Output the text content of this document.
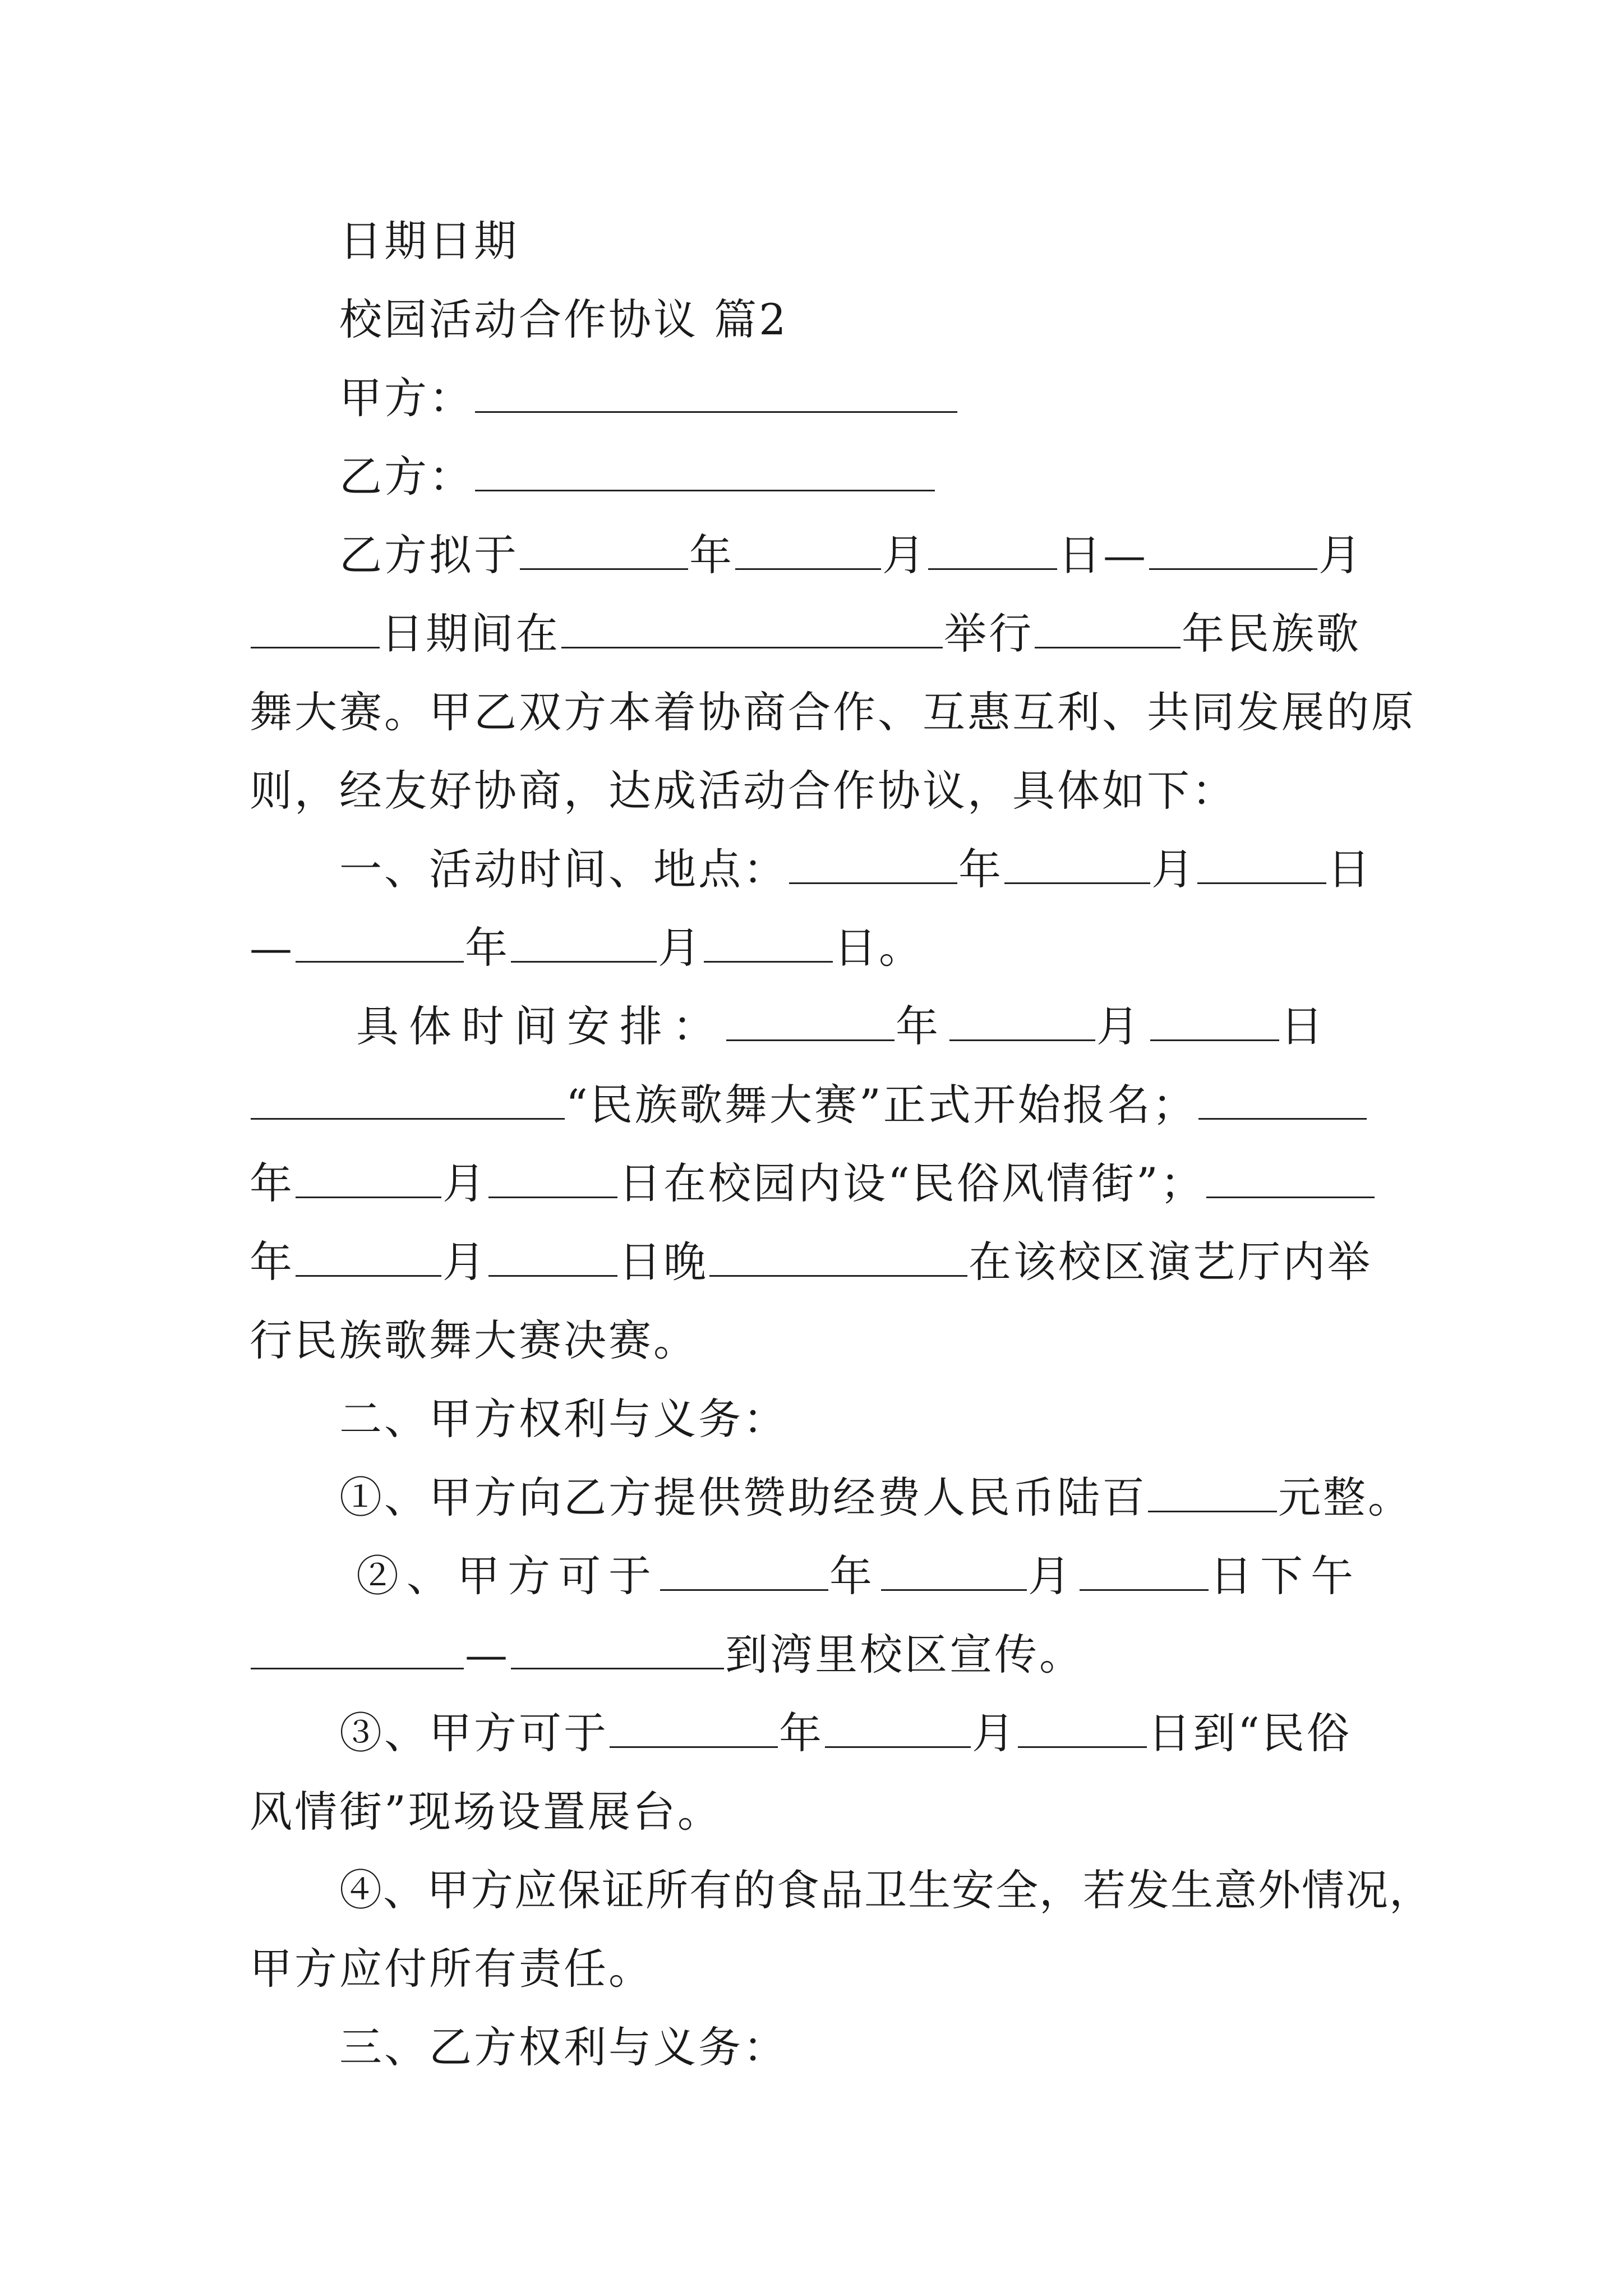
日期日期
校园活动合作协议 篇2
甲方：
乙方：
乙方拟于	年	月	日—	月
日期间在	举行	年民族歌
舞大赛。甲乙双方本着协商合作、互惠互利、共同发展的原
则，经友好协商，达成活动合作协议，具体如下：
一、活动时间、地点：	年	月	日
—	年	月	日。
具体时间安排：	年	月	日
“民族歌舞大赛”正式开始报名；
年	月	日在校园内设“民俗风情街”；
年	月	日晚	在该校区演艺厅内举
行民族歌舞大赛决赛。
二、甲方权利与义务：
①、甲方向乙方提供赞助经费人民币陆百	元整。
②、甲方可于	年	月	日下午
—	到湾里校区宣传。
③、甲方可于	年	月	日到“民俗
风情街”现场设置展台。
④、甲方应保证所有的食品卫生安全，若发生意外情况，
甲方应付所有责任。
三、乙方权利与义务：
